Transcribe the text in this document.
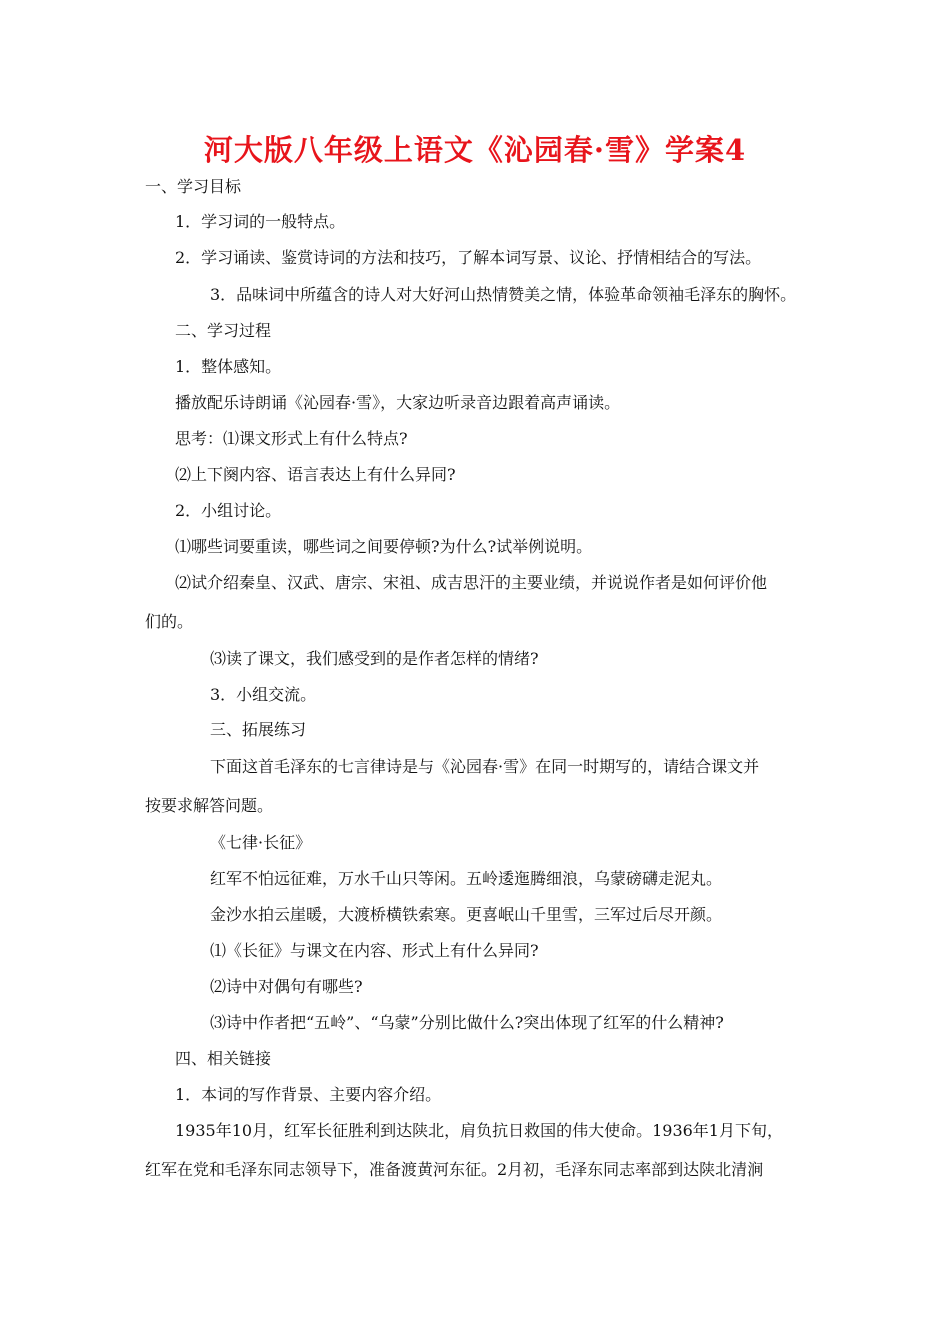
河大版八年级上语文《沁园春·雪》学案4
一、学习目标
1．学习词的一般特点。
2．学习诵读、鉴赏诗词的方法和技巧，了解本词写景、议论、抒情相结合的写法。
3．品味词中所蕴含的诗人对大好河山热情赞美之情，体验革命领袖毛泽东的胸怀。
二、学习过程
1．整体感知。
播放配乐诗朗诵《沁园春·雪》，大家边听录音边跟着高声诵读。
思考：⑴课文形式上有什么特点?
⑵上下阕内容、语言表达上有什么异同?
2．小组讨论。
⑴哪些词要重读，哪些词之间要停顿?为什么?试举例说明。
⑵试介绍秦皇、汉武、唐宗、宋祖、成吉思汗的主要业绩，并说说作者是如何评价他
们的。
⑶读了课文，我们感受到的是作者怎样的情绪?
3．小组交流。
三、拓展练习
下面这首毛泽东的七言律诗是与《沁园春·雪》在同一时期写的，请结合课文并
按要求解答问题。
《七律·长征》
红军不怕远征难，万水千山只等闲。五岭逶迤腾细浪，乌蒙磅礴走泥丸。
金沙水拍云崖暖，大渡桥横铁索寒。更喜岷山千里雪，三军过后尽开颜。
⑴《长征》与课文在内容、形式上有什么异同?
⑵诗中对偶句有哪些?
⑶诗中作者把“五岭”、“乌蒙”分别比做什么?突出体现了红军的什么精神?
四、相关链接
1．本词的写作背景、主要内容介绍。
1935年10月，红军长征胜利到达陕北，肩负抗日救国的伟大使命。1936年1月下旬，
红军在党和毛泽东同志领导下，准备渡黄河东征。2月初，毛泽东同志率部到达陕北清涧
